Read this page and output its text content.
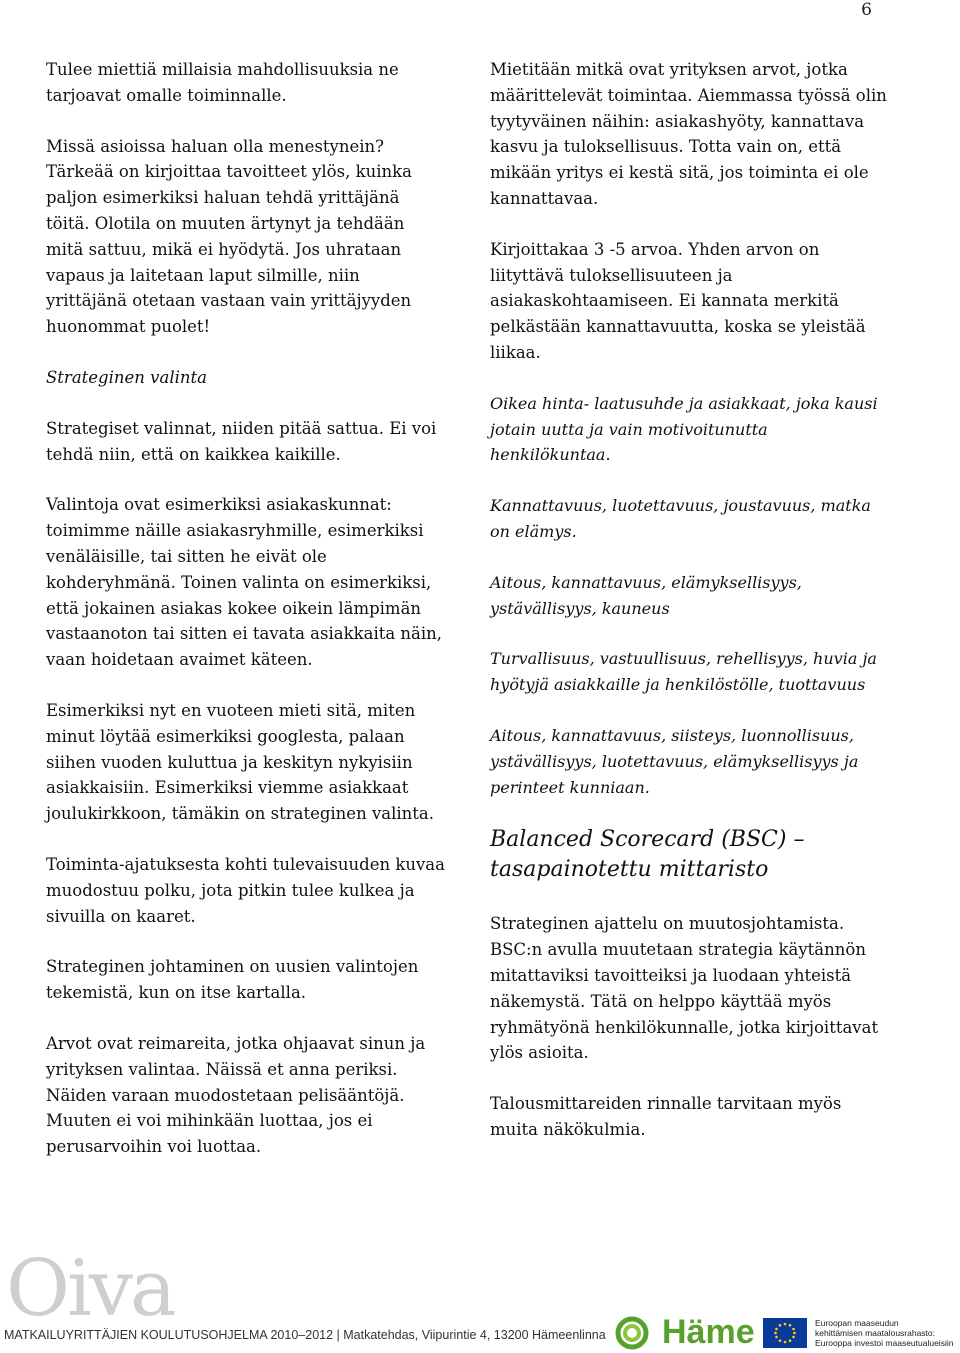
6

Tulee miettiä millaisia mahdollisuuksia ne tarjoavat omalle toiminnalle.

Missä asioissa haluan olla menestynein? Tärkeää on kirjoittaa tavoitteet ylös, kuinka paljon esimerkiksi haluan tehdä yrittäjänä töitä. Olotila on muuten ärtynyt ja tehdään mitä sattuu, mikä ei hyödytä. Jos uhrataan vapaus ja laitetaan laput silmille, niin yrittäjänä otetaan vastaan vain yrittäjyyden huonommat puolet!

Strateginen valinta

Strategiset valinnat, niiden pitää sattua. Ei voi tehdä niin, että on kaikkea kaikille.

Valintoja ovat esimerkiksi asiakaskunnat: toimimme näille asiakasryhmille, esimerkiksi venäläisille, tai sitten he eivät ole kohderyhmänä. Toinen valinta on esimerkiksi, että jokainen asiakas kokee oikein lämpimän vastaanoton tai sitten ei tavata asiakkaita näin, vaan hoidetaan avaimet käteen.

Esimerkiksi nyt en vuoteen mieti sitä, miten minut löytää esimerkiksi googlesta, palaan siihen vuoden kuluttua ja keskityn nykyisiin asiakkaisiin. Esimerkiksi viemme asiakkaat joulukirkkoon, tämäkin on strateginen valinta.

Toiminta-ajatuksesta kohti tulevaisuuden kuvaa muodostuu polku, jota pitkin tulee kulkea ja sivuilla on kaaret.

Strateginen johtaminen on uusien valintojen tekemistä, kun on itse kartalla.

Arvot ovat reimareita, jotka ohjaavat sinun ja yrityksen valintaa. Näissä et anna periksi. Näiden varaan muodostetaan pelisääntöjä. Muuten ei voi mihinkään luottaa, jos ei perusarvoihin voi luottaa.

Mietitään mitkä ovat yrityksen arvot, jotka määrittelevät toimintaa. Aiemmassa työssä olin tyytyväinen näihin: asiakashyöty, kannattava kasvu ja tuloksellisuus. Totta vain on, että mikään yritys ei kestä sitä, jos toiminta ei ole kannattavaa.

Kirjoittakaa 3 -5 arvoa. Yhden arvon on liityttävä tuloksellisuuteen ja asiakaskohtaamiseen. Ei kannata merkitä pelkästään kannattavuutta, koska se yleistää liikaa.

Oikea hinta- laatusuhde ja asiakkaat, joka kausi jotain uutta ja vain motivoitunutta henkilökuntaa.

Kannattavuus, luotettavuus, joustavuus, matka on elämys.

Aitous, kannattavuus, elämyksellisyys, ystävällisyys, kauneus

Turvallisuus, vastuullisuus, rehellisyys, huvia ja hyötyjä asiakkaille ja henkilöstölle, tuottavuus

Aitous, kannattavuus, siisteys, luonnollisuus, ystävällisyys, luotettavuus, elämyksellisyys ja perinteet kunniaan.

Balanced Scorecard (BSC) –tasapainotettu mittaristo

Strateginen ajattelu on muutosjohtamista. BSC:n avulla muutetaan strategia käytännön mitattaviksi tavoitteiksi ja luodaan yhteistä näkemystä. Tätä on helppo käyttää myös ryhmätyönä henkilökunnalle, jotka kirjoittavat ylös asioita.

Talousmittareiden rinnalle tarvitaan myös muita näkökulmia.

Oiva
MATKAILUYRITTÄJIEN KOULUTUSOHJELMA 2010–2012 | Matkatehdas, Viipurintie 4, 13200 Hämeenlinna Häme	Euroopan maaseudun
kehittämisen maatalousrahasto:
Eurooppa investoi maaseutualueisiin
